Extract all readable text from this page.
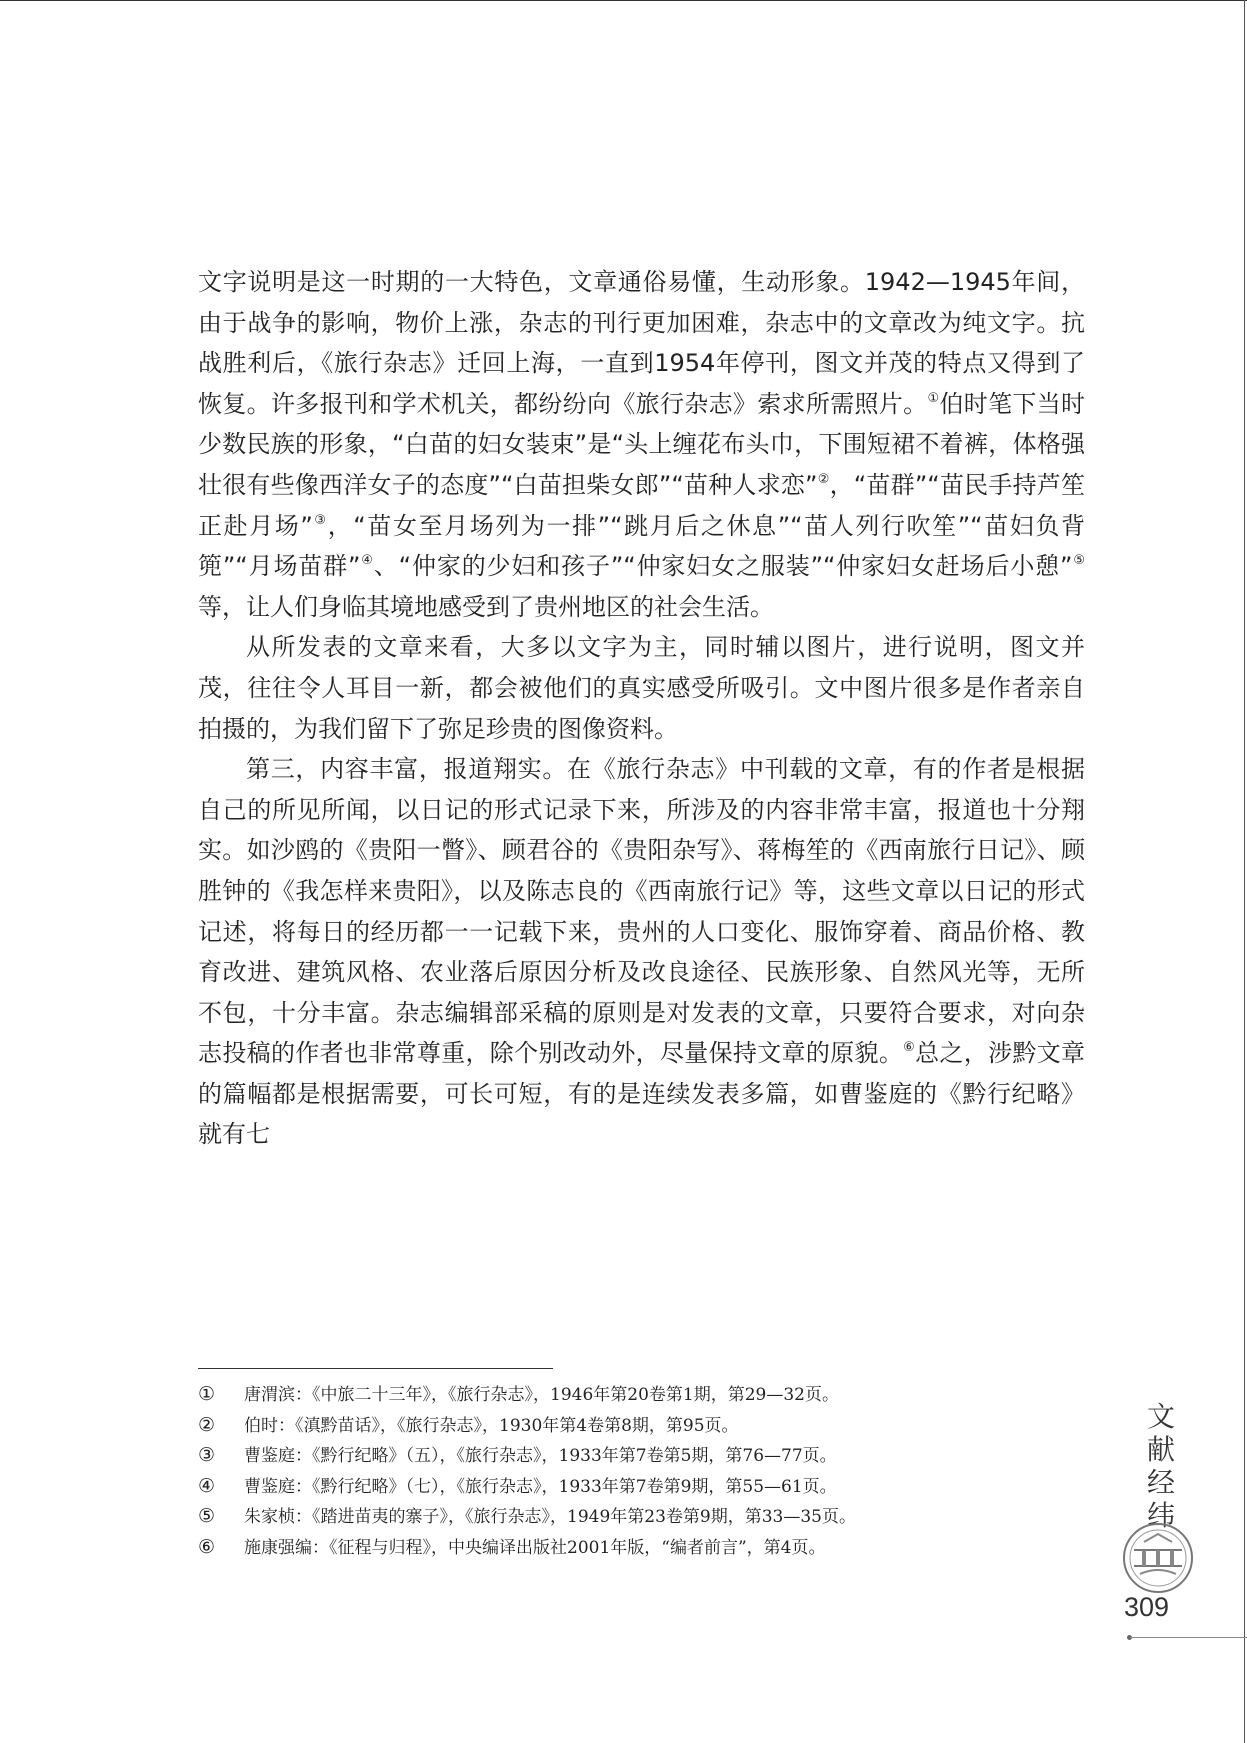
文字说明是这一时期的一大特色，文章通俗易懂，生动形象。1942—1945年间，由于战争的影响，物价上涨，杂志的刊行更加困难，杂志中的文章改为纯文字。抗战胜利后，《旅行杂志》迁回上海，一直到1954年停刊，图文并茂的特点又得到了恢复。许多报刊和学术机关，都纷纷向《旅行杂志》索求所需照片。①伯时笔下当时少数民族的形象，“白苗的妇女装束”是“头上缠花布头巾，下围短裙不着裤，体格强壮很有些像西洋女子的态度”“白苗担柴女郎”“苗种人求恋”②，“苗群”“苗民手持芦笙正赴月场”③，“苗女至月场列为一排”“跳月后之休息”“苗人列行吹笙”“苗妇负背篼”“月场苗群”④、“仲家的少妇和孩子”“仲家妇女之服装”“仲家妇女赶场后小憩”⑤等，让人们身临其境地感受到了贵州地区的社会生活。

从所发表的文章来看，大多以文字为主，同时辅以图片，进行说明，图文并茂，往往令人耳目一新，都会被他们的真实感受所吸引。文中图片很多是作者亲自拍摄的，为我们留下了弥足珍贵的图像资料。

第三，内容丰富，报道翔实。在《旅行杂志》中刊载的文章，有的作者是根据自己的所见所闻，以日记的形式记录下来，所涉及的内容非常丰富，报道也十分翔实。如沙鸥的《贵阳一瞥》、顾君谷的《贵阳杂写》、蒋梅笙的《西南旅行日记》、顾胜钟的《我怎样来贵阳》，以及陈志良的《西南旅行记》等，这些文章以日记的形式记述，将每日的经历都一一记载下来，贵州的人口变化、服饰穿着、商品价格、教育改进、建筑风格、农业落后原因分析及改良途径、民族形象、自然风光等，无所不包，十分丰富。杂志编辑部采稿的原则是对发表的文章，只要符合要求，对向杂志投稿的作者也非常尊重，除个别改动外，尽量保持文章的原貌。⑥总之，涉黔文章的篇幅都是根据需要，可长可短，有的是连续发表多篇，如曹鉴庭的《黔行纪略》就有七

① 唐渭滨：《中旅二十三年》，《旅行杂志》，1946年第20卷第1期，第29—32页。
② 伯时：《滇黔苗话》，《旅行杂志》，1930年第4卷第8期，第95页。
③ 曹鉴庭：《黔行纪略》（五），《旅行杂志》，1933年第7卷第5期，第76—77页。
④ 曹鉴庭：《黔行纪略》（七），《旅行杂志》，1933年第7卷第9期，第55—61页。
⑤ 朱家桢：《踏进苗夷的寨子》，《旅行杂志》，1949年第23卷第9期，第33—35页。
⑥ 施康强编：《征程与归程》，中央编译出版社2001年版，“编者前言”，第4页。
文献经纬
309
